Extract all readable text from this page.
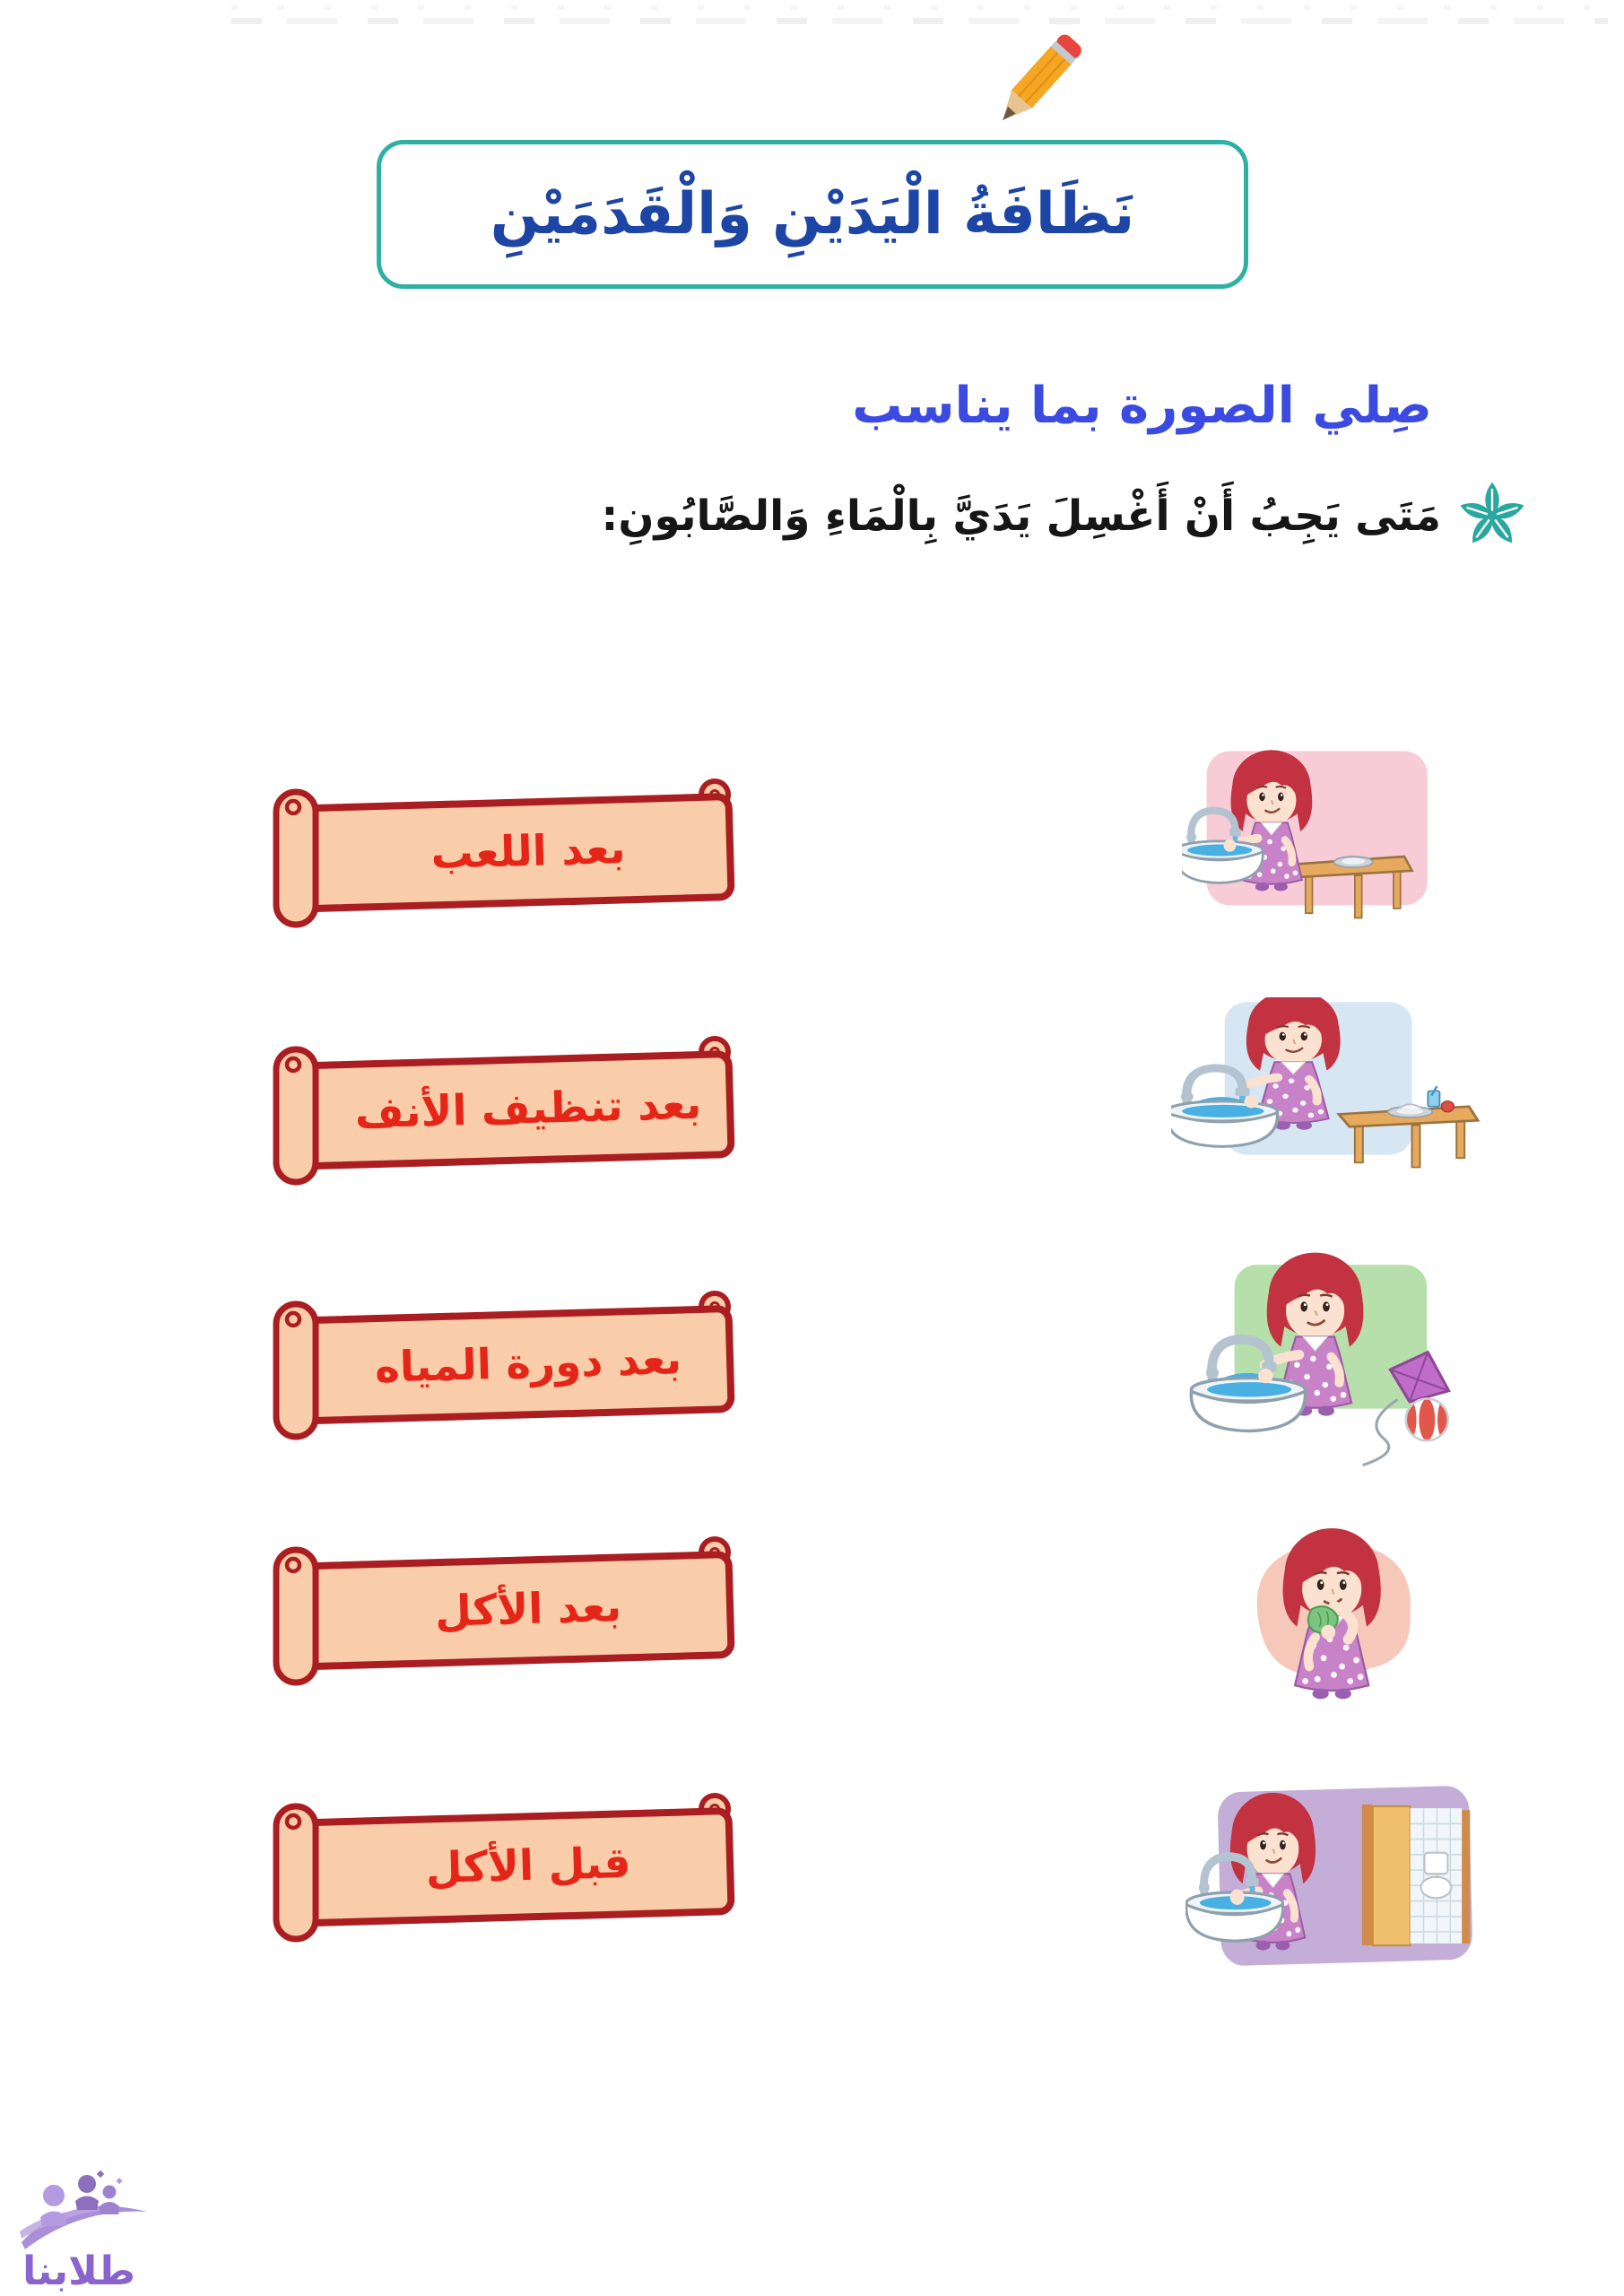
نَظَافَةُ الْيَدَيْنِ وَالْقَدَمَيْنِ
صِلي الصورة بما يناسب
مَتَى يَجِبُ أَنْ أَغْسِلَ يَدَيَّ بِالْمَاءِ وَالصَّابُونِ:
بعد اللعب
بعد تنظيف الأنف
بعد دورة المياه
بعد الأكل
قبل الأكل
طلابنا
